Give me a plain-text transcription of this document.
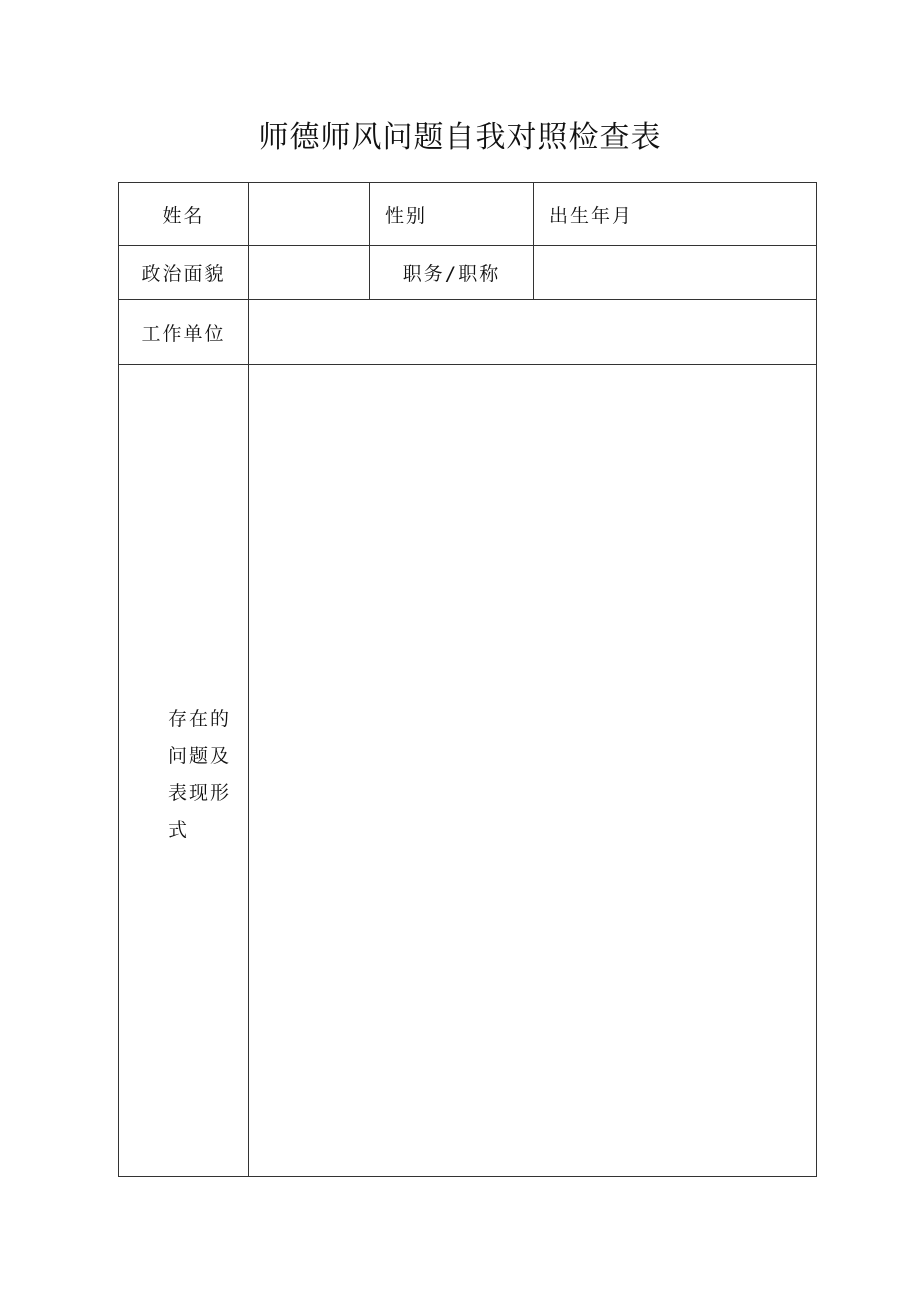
师德师风问题自我对照检查表
姓名	性别	出生年月
政治面貌	职务/职称
工作单位
存在的问题及表现形式
